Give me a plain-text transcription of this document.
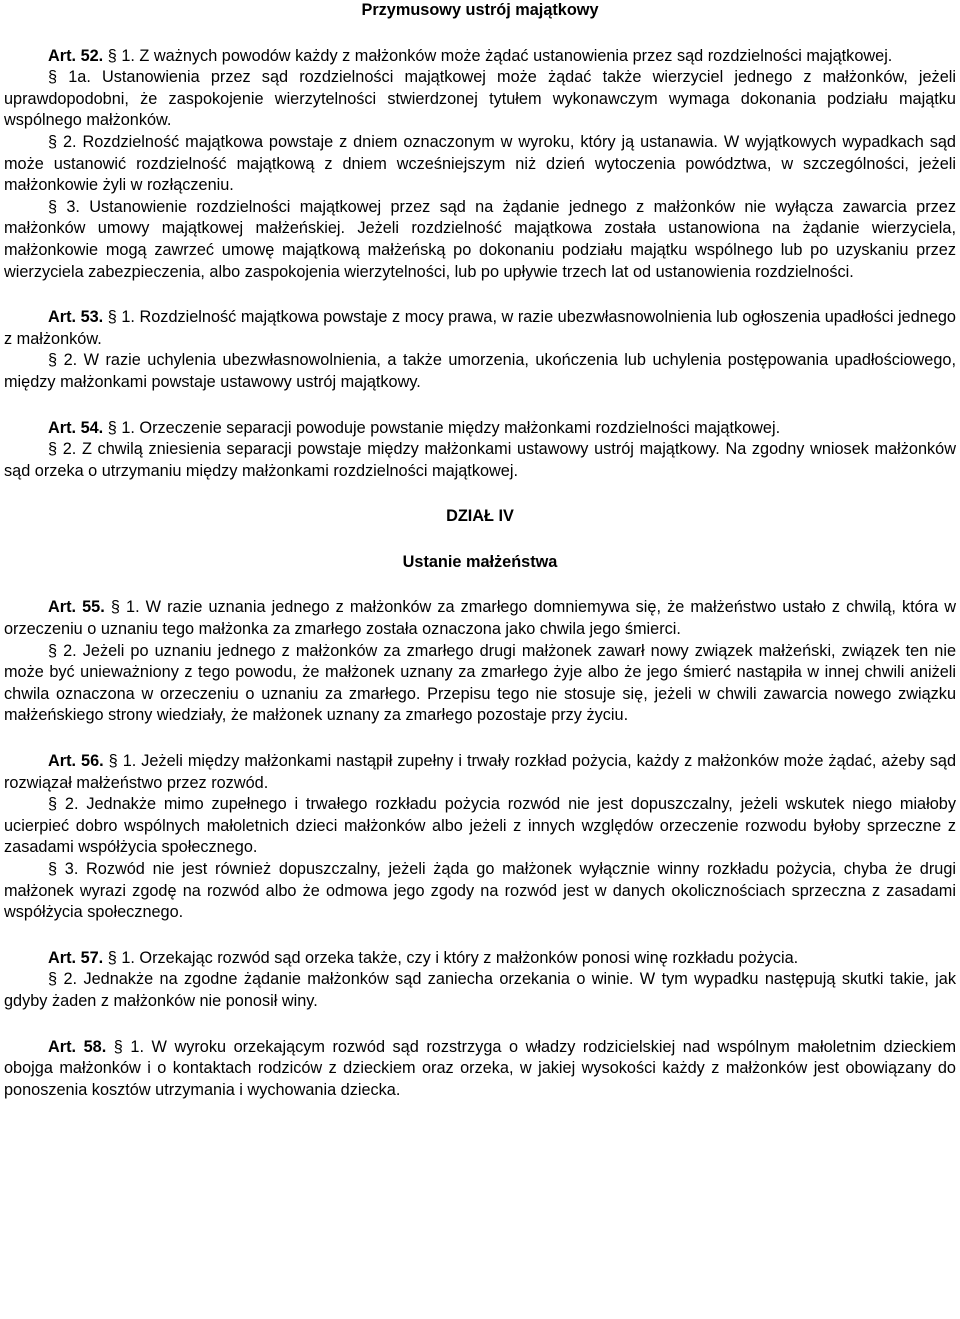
Przymusowy ustrój majątkowy

Art. 52. § 1. Z ważnych powodów każdy z małżonków może żądać ustanowienia przez sąd rozdzielności majątkowej.

§ 1a. Ustanowienia przez sąd rozdzielności majątkowej może żądać także wierzyciel jednego z małżonków, jeżeli uprawdopodobni, że zaspokojenie wierzytelności stwierdzonej tytułem wykonawczym wymaga dokonania podziału majątku wspólnego małżonków.

§ 2. Rozdzielność majątkowa powstaje z dniem oznaczonym w wyroku, który ją ustanawia. W wyjątkowych wypadkach sąd może ustanowić rozdzielność majątkową z dniem wcześniejszym niż dzień wytoczenia powództwa, w szczególności, jeżeli małżonkowie żyli w rozłączeniu.

§ 3. Ustanowienie rozdzielności majątkowej przez sąd na żądanie jednego z małżonków nie wyłącza zawarcia przez małżonków umowy majątkowej małżeńskiej. Jeżeli rozdzielność majątkowa została ustanowiona na żądanie wierzyciela, małżonkowie mogą zawrzeć umowę majątkową małżeńską po dokonaniu podziału majątku wspólnego lub po uzyskaniu przez wierzyciela zabezpieczenia, albo zaspokojenia wierzytelności, lub po upływie trzech lat od ustanowienia rozdzielności.

Art. 53. § 1. Rozdzielność majątkowa powstaje z mocy prawa, w razie ubezwłasnowolnienia lub ogłoszenia upadłości jednego z małżonków.

§ 2. W razie uchylenia ubezwłasnowolnienia, a także umorzenia, ukończenia lub uchylenia postępowania upadłościowego, między małżonkami powstaje ustawowy ustrój majątkowy.

Art. 54. § 1. Orzeczenie separacji powoduje powstanie między małżonkami rozdzielności majątkowej.

§ 2. Z chwilą zniesienia separacji powstaje między małżonkami ustawowy ustrój majątkowy. Na zgodny wniosek małżonków sąd orzeka o utrzymaniu między małżonkami rozdzielności majątkowej.

DZIAŁ IV

Ustanie małżeństwa

Art. 55. § 1. W razie uznania jednego z małżonków za zmarłego domniemywa się, że małżeństwo ustało z chwilą, która w orzeczeniu o uznaniu tego małżonka za zmarłego została oznaczona jako chwila jego śmierci.

§ 2. Jeżeli po uznaniu jednego z małżonków za zmarłego drugi małżonek zawarł nowy związek małżeński, związek ten nie może być unieważniony z tego powodu, że małżonek uznany za zmarłego żyje albo że jego śmierć nastąpiła w innej chwili aniżeli chwila oznaczona w orzeczeniu o uznaniu za zmarłego. Przepisu tego nie stosuje się, jeżeli w chwili zawarcia nowego związku małżeńskiego strony wiedziały, że małżonek uznany za zmarłego pozostaje przy życiu.

Art. 56. § 1. Jeżeli między małżonkami nastąpił zupełny i trwały rozkład pożycia, każdy z małżonków może żądać, ażeby sąd rozwiązał małżeństwo przez rozwód.

§ 2. Jednakże mimo zupełnego i trwałego rozkładu pożycia rozwód nie jest dopuszczalny, jeżeli wskutek niego miałoby ucierpieć dobro wspólnych małoletnich dzieci małżonków albo jeżeli z innych względów orzeczenie rozwodu byłoby sprzeczne z zasadami współżycia społecznego.

§ 3. Rozwód nie jest również dopuszczalny, jeżeli żąda go małżonek wyłącznie winny rozkładu pożycia, chyba że drugi małżonek wyrazi zgodę na rozwód albo że odmowa jego zgody na rozwód jest w danych okolicznościach sprzeczna z zasadami współżycia społecznego.

Art. 57. § 1. Orzekając rozwód sąd orzeka także, czy i który z małżonków ponosi winę rozkładu pożycia.

§ 2. Jednakże na zgodne żądanie małżonków sąd zaniecha orzekania o winie. W tym wypadku następują skutki takie, jak gdyby żaden z małżonków nie ponosił winy.

Art. 58. § 1. W wyroku orzekającym rozwód sąd rozstrzyga o władzy rodzicielskiej nad wspólnym małoletnim dzieckiem obojga małżonków i o kontaktach rodziców z dzieckiem oraz orzeka, w jakiej wysokości każdy z małżonków jest obowiązany do ponoszenia kosztów utrzymania i wychowania dziecka.
